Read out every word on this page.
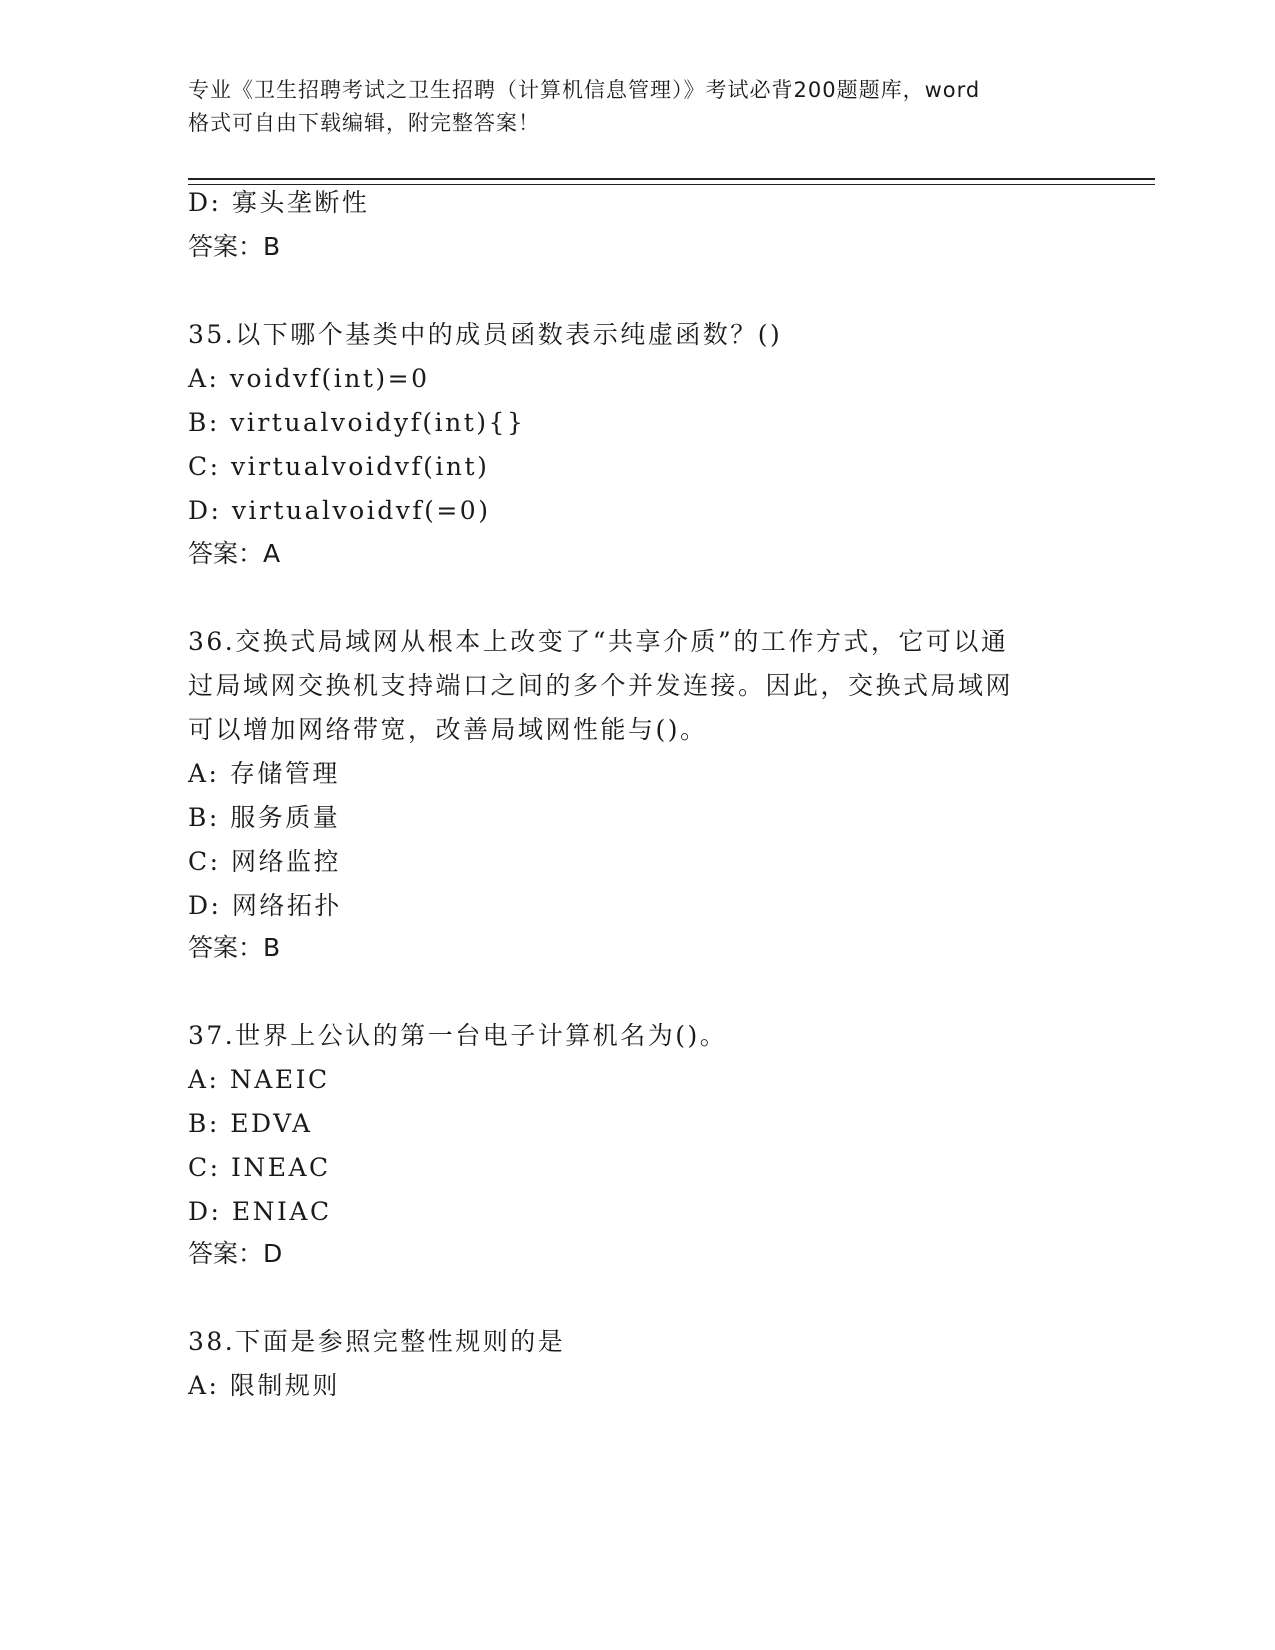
专业《卫生招聘考试之卫生招聘（计算机信息管理）》考试必背200题题库，word
格式可自由下载编辑，附完整答案！
D: 寡头垄断性
答案：B
35.以下哪个基类中的成员函数表示纯虚函数？()
A: voidvf(int)=0
B: virtualvoidyf(int){}
C: virtualvoidvf(int)
D: virtualvoidvf(=0)
答案：A
36.交换式局域网从根本上改变了“共享介质”的工作方式，它可以通
过局域网交换机支持端口之间的多个并发连接。因此，交换式局域网
可以增加网络带宽，改善局域网性能与()。
A: 存储管理
B: 服务质量
C: 网络监控
D: 网络拓扑
答案：B
37.世界上公认的第一台电子计算机名为()。
A: NAEIC
B: EDVA
C: INEAC
D: ENIAC
答案：D
38.下面是参照完整性规则的是
A: 限制规则
